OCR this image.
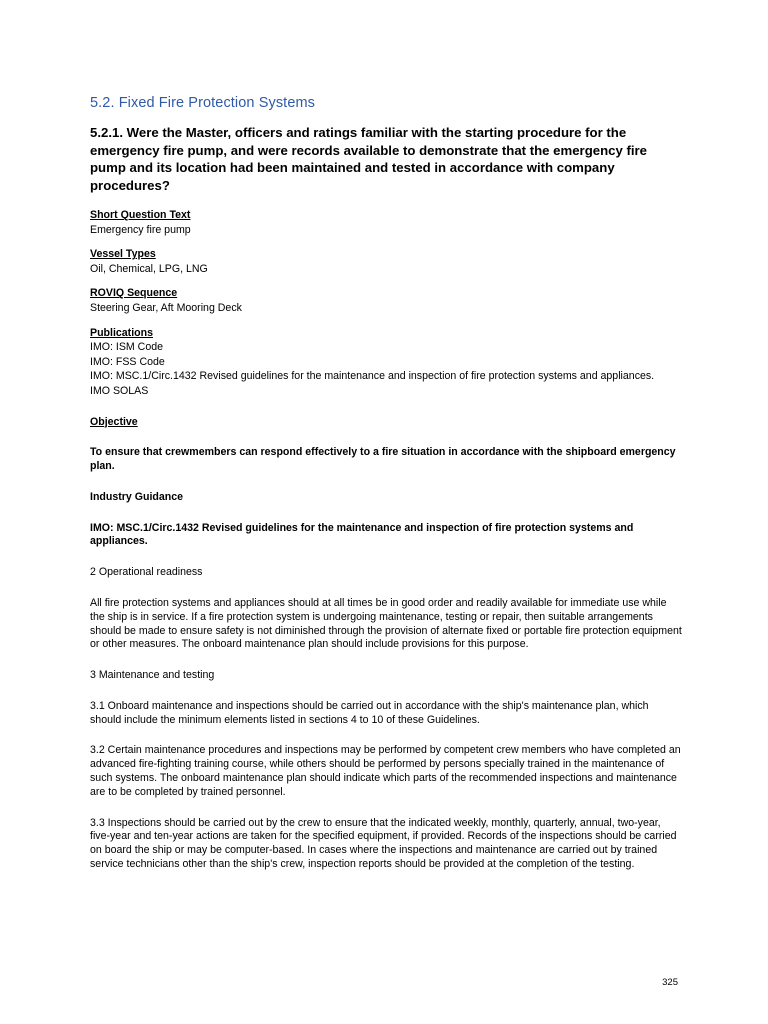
5.2. Fixed Fire Protection Systems
5.2.1. Were the Master, officers and ratings familiar with the starting procedure for the emergency fire pump, and were records available to demonstrate that the emergency fire pump and its location had been maintained and tested in accordance with company procedures?
Short Question Text
Emergency fire pump
Vessel Types
Oil, Chemical, LPG, LNG
ROVIQ Sequence
Steering Gear, Aft Mooring Deck
Publications
IMO: ISM Code
IMO: FSS Code
IMO: MSC.1/Circ.1432 Revised guidelines for the maintenance and inspection of fire protection systems and appliances.
IMO SOLAS
Objective

To ensure that crewmembers can respond effectively to a fire situation in accordance with the shipboard emergency plan.

Industry Guidance

IMO: MSC.1/Circ.1432 Revised guidelines for the maintenance and inspection of fire protection systems and appliances.

2 Operational readiness

All fire protection systems and appliances should at all times be in good order and readily available for immediate use while the ship is in service. If a fire protection system is undergoing maintenance, testing or repair, then suitable arrangements should be made to ensure safety is not diminished through the provision of alternate fixed or portable fire protection equipment or other measures. The onboard maintenance plan should include provisions for this purpose.

3 Maintenance and testing

3.1 Onboard maintenance and inspections should be carried out in accordance with the ship's maintenance plan, which should include the minimum elements listed in sections 4 to 10 of these Guidelines.

3.2 Certain maintenance procedures and inspections may be performed by competent crew members who have completed an advanced fire-fighting training course, while others should be performed by persons specially trained in the maintenance of such systems. The onboard maintenance plan should indicate which parts of the recommended inspections and maintenance are to be completed by trained personnel.

3.3 Inspections should be carried out by the crew to ensure that the indicated weekly, monthly, quarterly, annual, two-year, five-year and ten-year actions are taken for the specified equipment, if provided. Records of the inspections should be carried on board the ship or may be computer-based. In cases where the inspections and maintenance are carried out by trained service technicians other than the ship's crew, inspection reports should be provided at the completion of the testing.

325
